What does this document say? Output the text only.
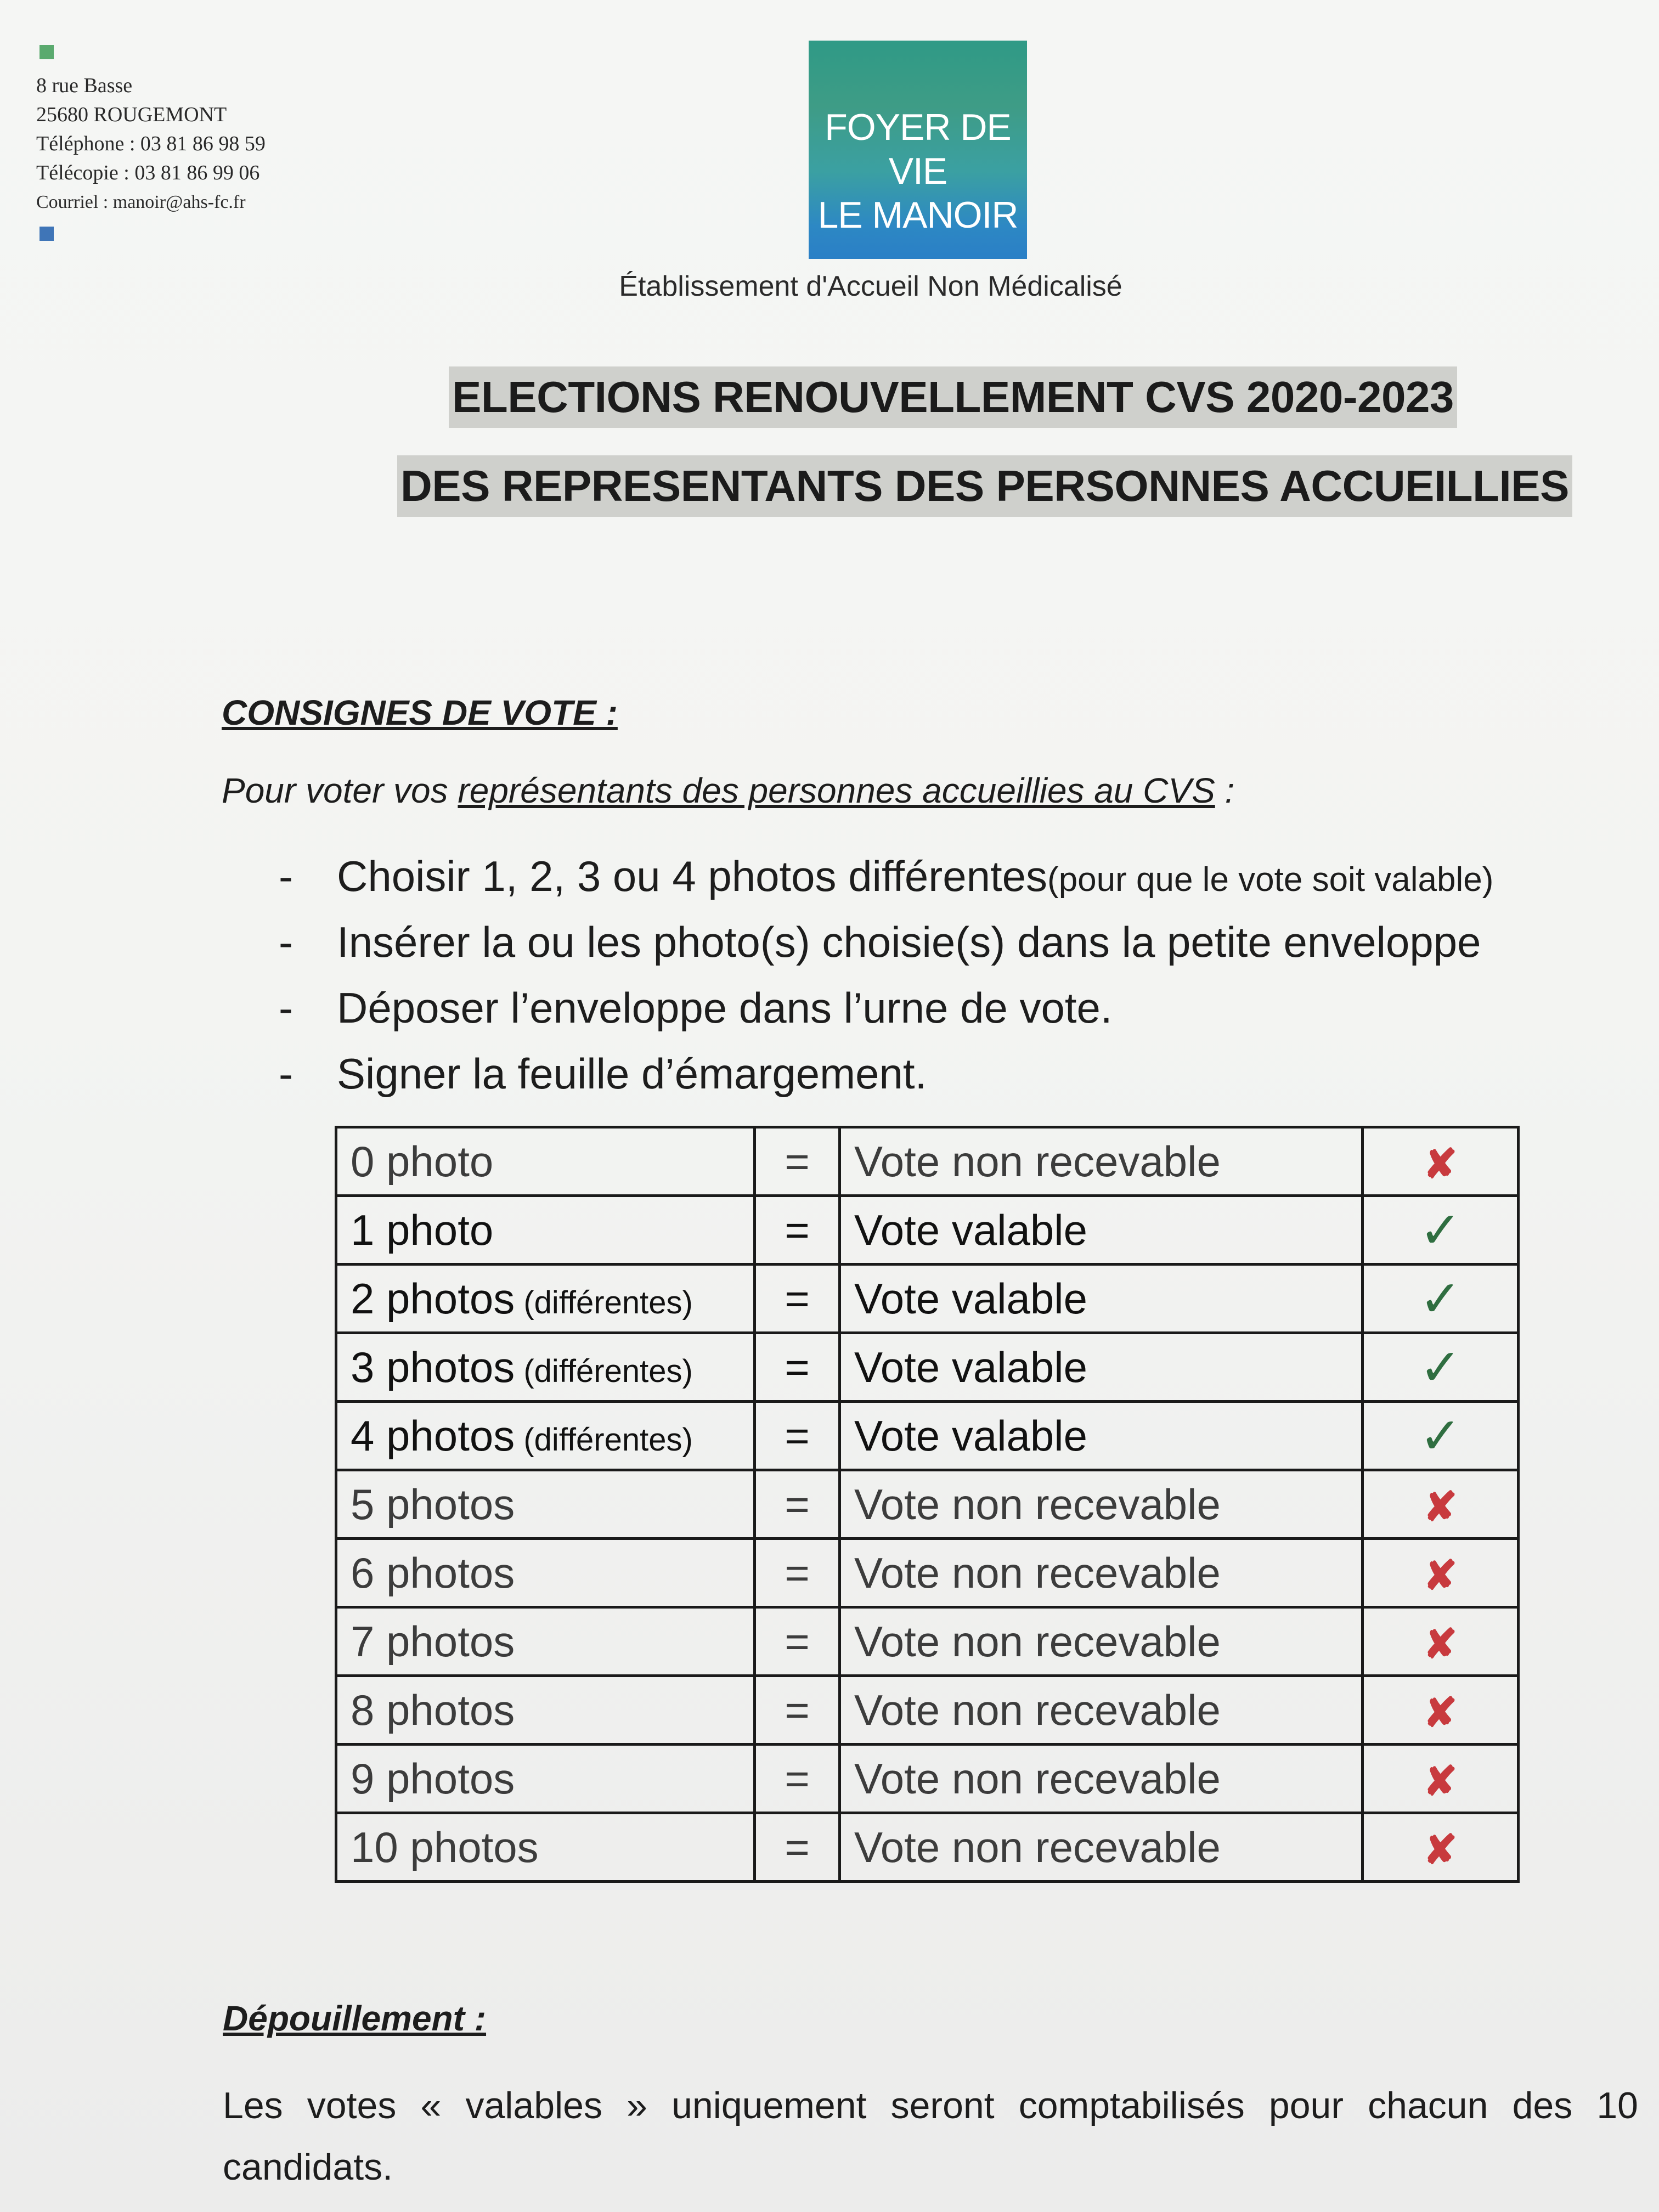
8 rue Basse
25680 ROUGEMONT
Téléphone : 03 81 86 98 59
Télécopie : 03 81 86 99 06
Courriel : manoir@ahs-fc.fr
FOYER DE VIE
LE MANOIR
Établissement d'Accueil Non Médicalisé
ELECTIONS RENOUVELLEMENT CVS 2020-2023
DES REPRESENTANTS DES PERSONNES ACCUEILLIES
CONSIGNES DE VOTE :
Pour voter vos représentants des personnes accueillies au CVS :
-	Choisir 1, 2, 3 ou 4 photos différentes (pour que le vote soit valable)
-	Insérer la ou les photo(s) choisie(s) dans la petite enveloppe
-	Déposer l’enveloppe dans l’urne de vote.
-	Signer la feuille d’émargement.
0 photo	=	Vote non recevable	✘
1 photo	=	Vote valable	✓
2 photos (différentes)	=	Vote valable	✓
3 photos (différentes)	=	Vote valable	✓
4 photos (différentes)	=	Vote valable	✓
5 photos	=	Vote non recevable	✘
6 photos	=	Vote non recevable	✘
7 photos	=	Vote non recevable	✘
8 photos	=	Vote non recevable	✘
9 photos	=	Vote non recevable	✘
10 photos	=	Vote non recevable	✘
Dépouillement :
Les votes « valables » uniquement seront comptabilisés pour chacun des 10 candidats.
